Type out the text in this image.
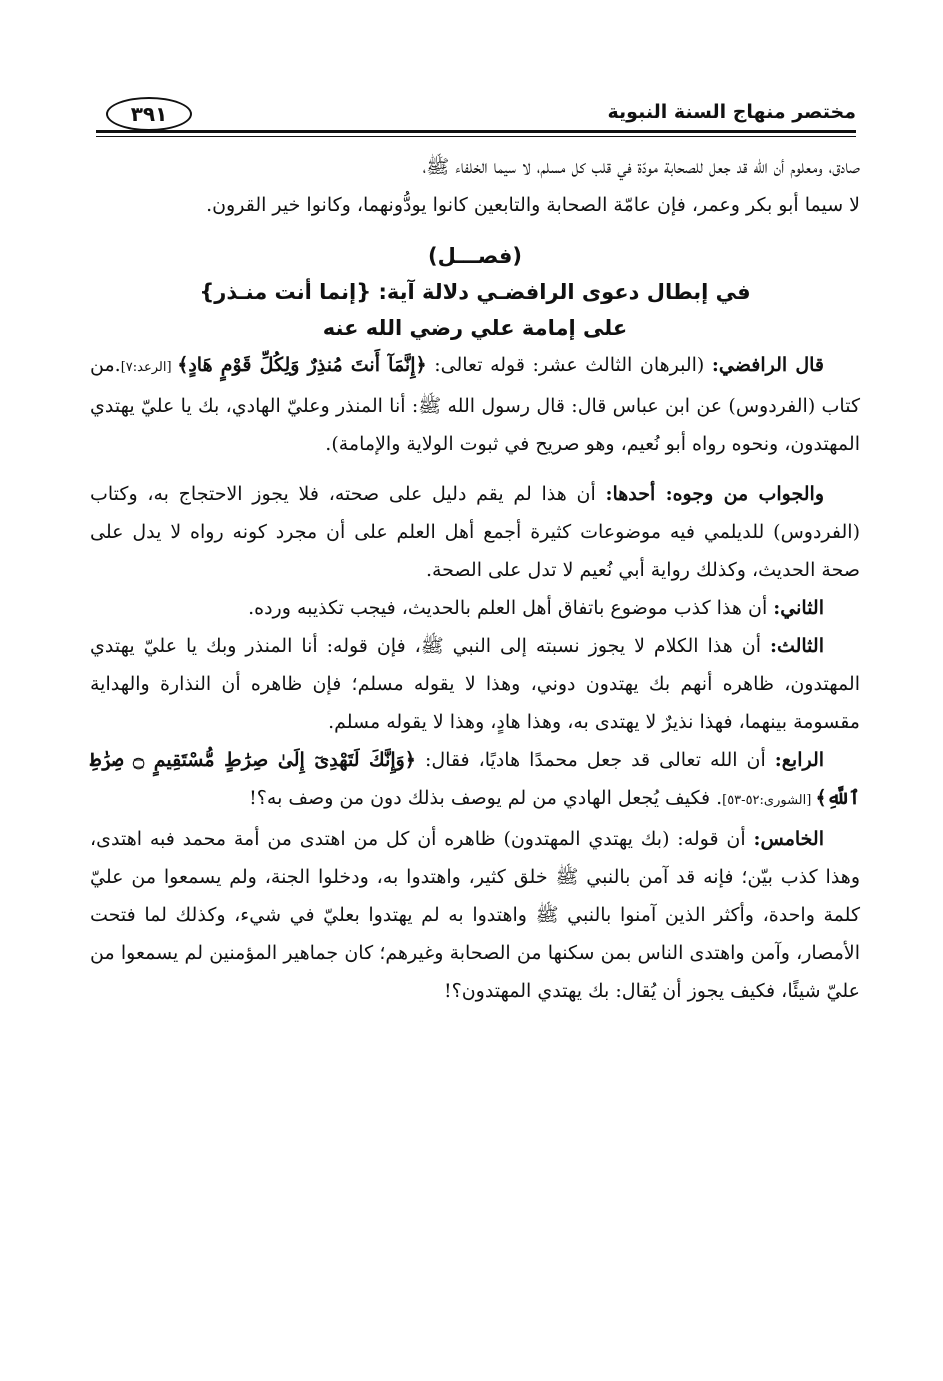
مختصر منهاج السنة النبوية
٣٩١

صادق، ومعلوم أن الله قد جعل للصحابة مودّة في قلب كل مسلم، لا سيما الخلفاء ﷺ،

لا سيما أبو بكر وعمر، فإن عامّة الصحابة والتابعين كانوا يودُّونهما، وكانوا خير القرون.

(فصـــل)

في إبطال دعوى الرافضـي دلالة آية: {إنما أنت منـذر}

على إمامة علي رضي الله عنه

قال الرافضي: (البرهان الثالث عشر: قوله تعالى: ﴿إِنَّمَآ أَنتَ مُنذِرٌ وَلِكُلِّ قَوْمٍ هَادٍ﴾ [الرعد:٧].من كتاب (الفردوس) عن ابن عباس قال: قال رسول الله ﷺ: أنا المنذر وعليّ الهادي، بك يا عليّ يهتدي المهتدون، ونحوه رواه أبو نُعيم، وهو صريح في ثبوت الولاية والإمامة).

والجواب من وجوه: أحدها: أن هذا لم يقم دليل على صحته، فلا يجوز الاحتجاج به، وكتاب (الفردوس) للديلمي فيه موضوعات كثيرة أجمع أهل العلم على أن مجرد كونه رواه لا يدل على صحة الحديث، وكذلك رواية أبي نُعيم لا تدل على الصحة.

الثاني: أن هذا كذب موضوع باتفاق أهل العلم بالحديث، فيجب تكذيبه ورده.

الثالث: أن هذا الكلام لا يجوز نسبته إلى النبي ﷺ، فإن قوله: أنا المنذر وبك يا عليّ يهتدي المهتدون، ظاهره أنهم بك يهتدون دوني، وهذا لا يقوله مسلم؛ فإن ظاهره أن النذارة والهداية مقسومة بينهما، فهذا نذيرٌ لا يهتدى به، وهذا هادٍ، وهذا لا يقوله مسلم.

الرابع: أن الله تعالى قد جعل محمدًا هاديًا، فقال: ﴿وَإِنَّكَ لَتَهْدِىٓ إِلَىٰ صِرَٰطٍ مُّسْتَقِيمٍ ۝ صِرَٰطِ ٱللَّهِ﴾ [الشورى:٥٢-٥٣]. فكيف يُجعل الهادي من لم يوصف بذلك دون من وصف به؟!

الخامس: أن قوله: (بك يهتدي المهتدون) ظاهره أن كل من اهتدى من أمة محمد فبه اهتدى، وهذا كذب بيّن؛ فإنه قد آمن بالنبي ﷺ خلق كثير، واهتدوا به، ودخلوا الجنة، ولم يسمعوا من عليّ كلمة واحدة، وأكثر الذين آمنوا بالنبي ﷺ واهتدوا به لم يهتدوا بعليّ في شيء، وكذلك لما فتحت الأمصار، وآمن واهتدى الناس بمن سكنها من الصحابة وغيرهم؛ كان جماهير المؤمنين لم يسمعوا من عليّ شيئًا، فكيف يجوز أن يُقال: بك يهتدي المهتدون؟!
